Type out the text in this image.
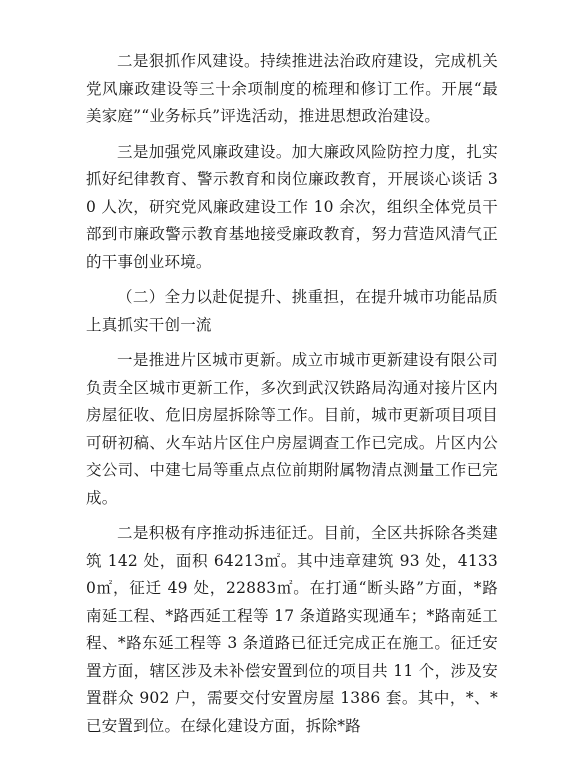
二是狠抓作风建设。持续推进法治政府建设，完成机关党风廉政建设等三十余项制度的梳理和修订工作。开展“最美家庭”“业务标兵”评选活动，推进思想政治建设。

三是加强党风廉政建设。加大廉政风险防控力度，扎实抓好纪律教育、警示教育和岗位廉政教育，开展谈心谈话 30 人次，研究党风廉政建设工作 10 余次，组织全体党员干部到市廉政警示教育基地接受廉政教育，努力营造风清气正的干事创业环境。

（二）全力以赴促提升、挑重担，在提升城市功能品质上真抓实干创一流

一是推进片区城市更新。成立市城市更新建设有限公司负责全区城市更新工作，多次到武汉铁路局沟通对接片区内房屋征收、危旧房屋拆除等工作。目前，城市更新项目项目可研初稿、火车站片区住户房屋调查工作已完成。片区内公交公司、中建七局等重点点位前期附属物清点测量工作已完成。

二是积极有序推动拆违征迁。目前，全区共拆除各类建筑 142 处，面积 64213㎡。其中违章建筑 93 处，41330㎡，征迁 49 处，22883㎡。在打通“断头路”方面，*路南延工程、*路西延工程等 17 条道路实现通车；*路南延工程、*路东延工程等 3 条道路已征迁完成正在施工。征迁安置方面，辖区涉及未补偿安置到位的项目共 11 个，涉及安置群众 902 户，需要交付安置房屋 1386 套。其中，*、*已安置到位。在绿化建设方面，拆除*路
